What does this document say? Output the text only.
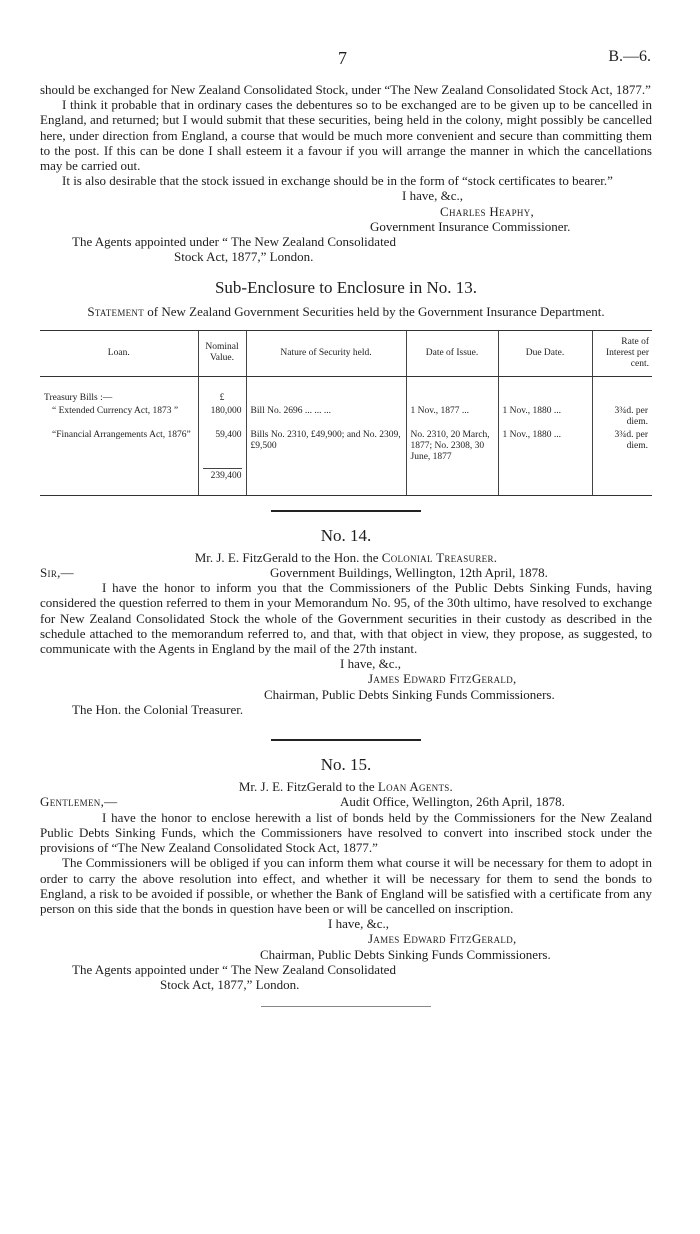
7	B.—6.

should be exchanged for New Zealand Consolidated Stock, under “The New Zealand Consolidated Stock Act, 1877.”

I think it probable that in ordinary cases the debentures so to be exchanged are to be given up to be cancelled in England, and returned; but I would submit that these securities, being held in the colony, might possibly be cancelled here, under direction from England, a course that would be much more convenient and secure than committing them to the post. If this can be done I shall esteem it a favour if you will arrange the manner in which the cancellations may be carried out.

It is also desirable that the stock issued in exchange should be in the form of “stock certificates to bearer.”

I have, &c.,

Charles Heaphy,

Government Insurance Commissioner.

The Agents appointed under “ The New Zealand Consolidated

Stock Act, 1877,” London.

Sub-Enclosure to Enclosure in No. 13.

Statement of New Zealand Government Securities held by the Government Insurance Department.

Loan.	Nominal Value.	Nature of Security held.	Date of Issue.	Due Date.	Rate of Interest per cent.
Treasury Bills :—	£				
“ Extended Currency Act, 1873 ”	180,000	Bill No. 2696 ... ... ...	1 Nov., 1877 ...	1 Nov., 1880 ...	3¾d. per diem.
“Financial Arrangements Act, 1876”	59,400	Bills No. 2310, £49,900; and No. 2309, £9,500	No. 2310, 20 March, 1877; No. 2308, 30 June, 1877	1 Nov., 1880 ...	3¾d. per diem.

	239,400				

No. 14.

Mr. J. E. FitzGerald to the Hon. the Colonial Treasurer.

Sir,—	Government Buildings, Wellington, 12th April, 1878.

I have the honor to inform you that the Commissioners of the Public Debts Sinking Funds, having considered the question referred to them in your Memorandum No. 95, of the 30th ultimo, have resolved to exchange for New Zealand Consolidated Stock the whole of the Government securities in their custody as described in the schedule attached to the memorandum referred to, and that, with that object in view, they propose, as suggested, to communicate with the Agents in England by the mail of the 27th instant.

I have, &c.,

James Edward FitzGerald,

Chairman, Public Debts Sinking Funds Commissioners.

The Hon. the Colonial Treasurer.

No. 15.

Mr. J. E. FitzGerald to the Loan Agents.

Gentlemen,—	Audit Office, Wellington, 26th April, 1878.

I have the honor to enclose herewith a list of bonds held by the Commissioners for the New Zealand Public Debts Sinking Funds, which the Commissioners have resolved to convert into inscribed stock under the provisions of “The New Zealand Consolidated Stock Act, 1877.”

The Commissioners will be obliged if you can inform them what course it will be necessary for them to adopt in order to carry the above resolution into effect, and whether it will be necessary for them to send the bonds to England, a risk to be avoided if possible, or whether the Bank of England will be satisfied with a certificate from any person on this side that the bonds in question have been or will be cancelled on inscription.

I have, &c.,

James Edward FitzGerald,

Chairman, Public Debts Sinking Funds Commissioners.

The Agents appointed under “ The New Zealand Consolidated

Stock Act, 1877,” London.
